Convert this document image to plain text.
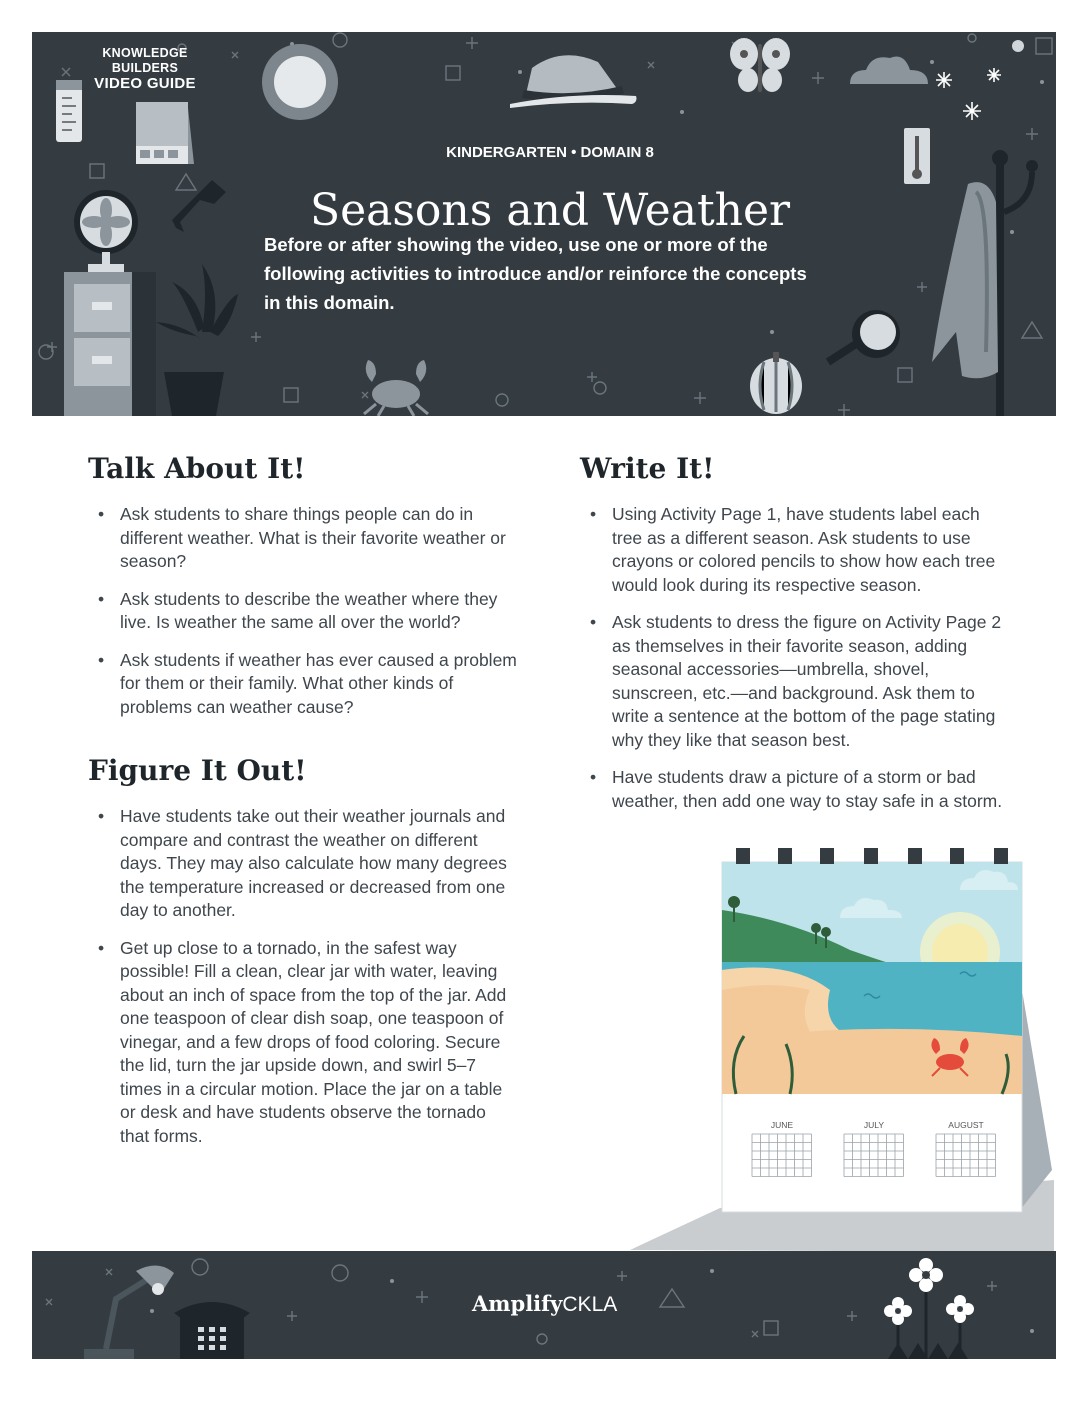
KNOWLEDGE BUILDERS
VIDEO GUIDE
KINDERGARTEN • DOMAIN 8
Seasons and Weather

Before or after showing the video, use one or more of the following activities to introduce and/or reinforce the concepts in this domain.

Talk About It!
• Ask students to share things people can do in different weather. What is their favorite weather or season?
• Ask students to describe the weather where they live. Is weather the same all over the world?
• Ask students if weather has ever caused a problem for them or their family. What other kinds of problems can weather cause?
Figure It Out!
• Have students take out their weather journals and compare and contrast the weather on different days. They may also calculate how many degrees the temperature increased or decreased from one day to another.
• Get up close to a tornado, in the safest way possible! Fill a clean, clear jar with water, leaving about an inch of space from the top of the jar. Add one teaspoon of clear dish soap, one teaspoon of vinegar, and a few drops of food coloring. Secure the lid, turn the jar upside down, and swirl 5–7 times in a circular motion. Place the jar on a table or desk and have students observe the tornado that forms.
Write It!
• Using Activity Page 1, have students label each tree as a different season. Ask students to use crayons or colored pencils to show how each tree would look during its respective season.
• Ask students to dress the figure on Activity Page 2 as themselves in their favorite season, adding seasonal accessories—umbrella, shovel, sunscreen, etc.—and background. Ask them to write a sentence at the bottom of the page stating why they like that season best.
• Have students draw a picture of a storm or bad weather, then add one way to stay safe in a storm.
JUNE	JULY	AUGUST
AmplifyCKLA
